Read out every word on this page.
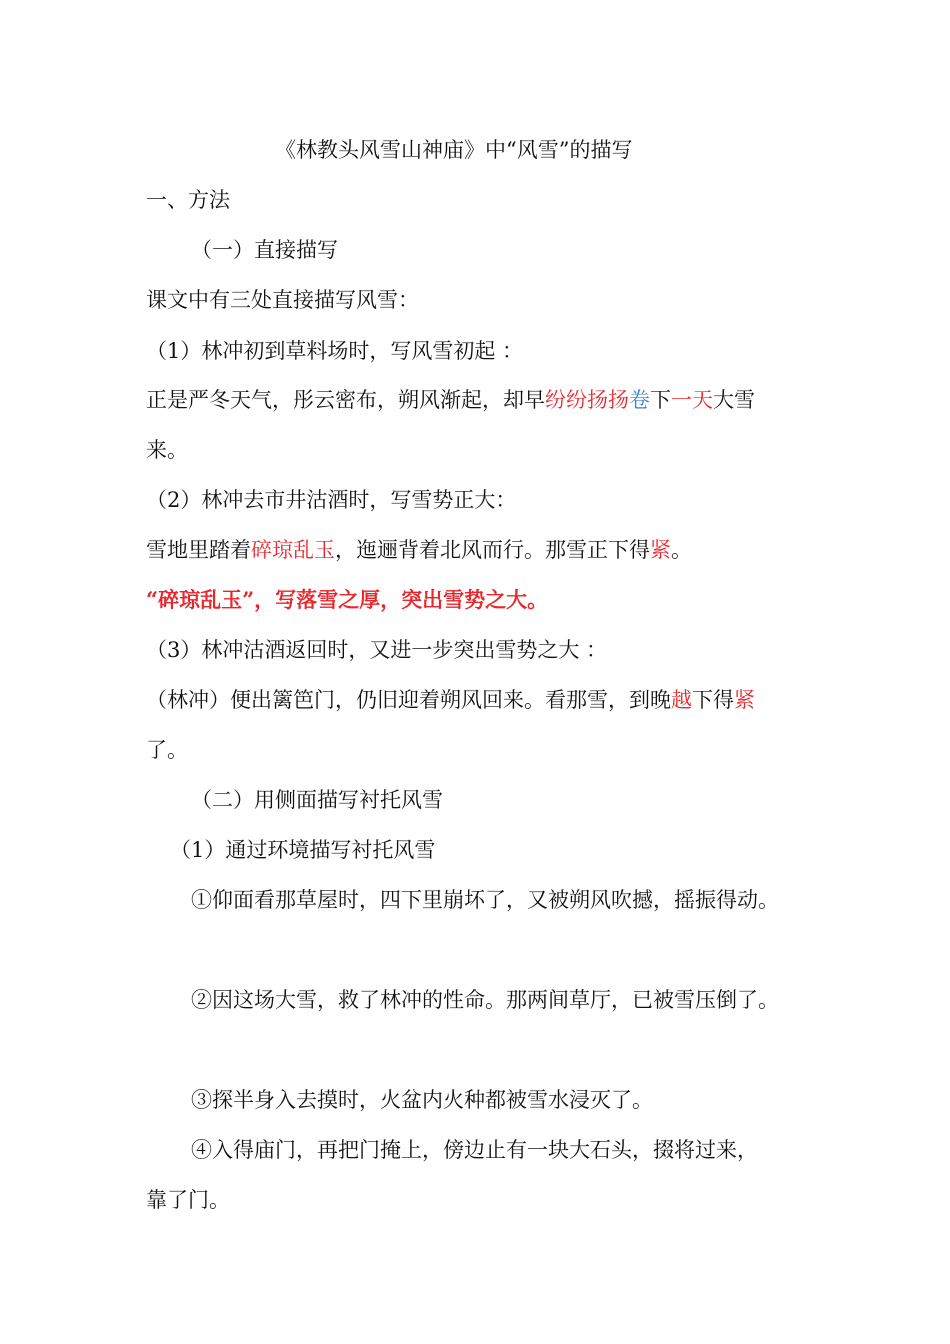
《林教头风雪山神庙》中“风雪”的描写
一、方法
（一）直接描写
课文中有三处直接描写风雪：
（1）林冲初到草料场时，写风雪初起 ：
正是严冬天气，彤云密布，朔风渐起，却早纷纷扬扬卷下一天大雪
来。
（2）林冲去市井沽酒时，写雪势正大：
雪地里踏着碎琼乱玉，迤逦背着北风而行。那雪正下得紧。
“碎琼乱玉”，写落雪之厚，突出雪势之大。
（3）林冲沽酒返回时，又进一步突出雪势之大 ：
（林冲）便出篱笆门，仍旧迎着朔风回来。看那雪，到晚越下得紧
了。
（二）用侧面描写衬托风雪
（1）通过环境描写衬托风雪
①仰面看那草屋时，四下里崩坏了，又被朔风吹撼，摇振得动。
②因这场大雪，救了林冲的性命。那两间草厅，已被雪压倒了。
③探半身入去摸时，火盆内火种都被雪水浸灭了。
④入得庙门，再把门掩上，傍边止有一块大石头，掇将过来，
靠了门。
